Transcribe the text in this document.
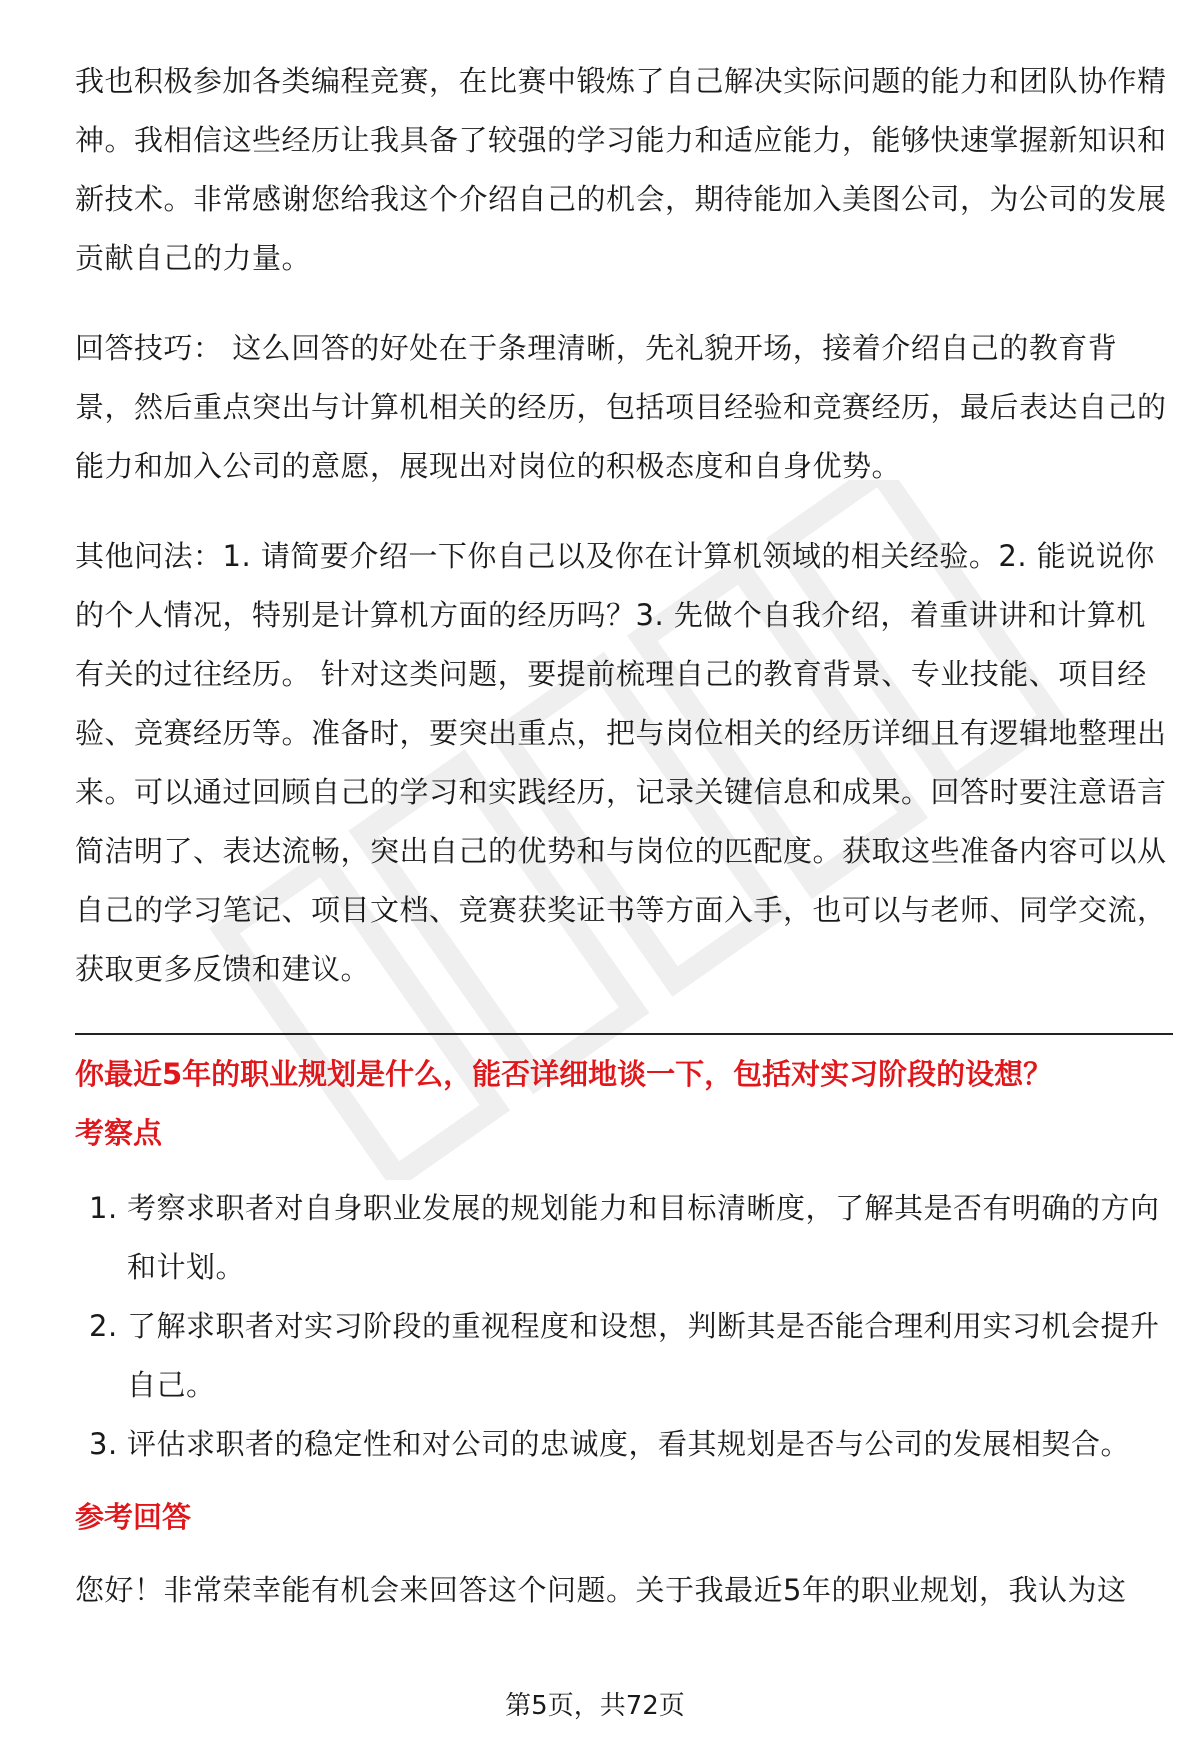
我也积极参加各类编程竞赛，在比赛中锻炼了自己解决实际问题的能力和团队协作精神。我相信这些经历让我具备了较强的学习能力和适应能力，能够快速掌握新知识和新技术。非常感谢您给我这个介绍自己的机会，期待能加入美图公司，为公司的发展贡献自己的力量。

回答技巧： 这么回答的好处在于条理清晰，先礼貌开场，接着介绍自己的教育背景，然后重点突出与计算机相关的经历，包括项目经验和竞赛经历，最后表达自己的能力和加入公司的意愿，展现出对岗位的积极态度和自身优势。

其他问法：1. 请简要介绍一下你自己以及你在计算机领域的相关经验。2. 能说说你的个人情况，特别是计算机方面的经历吗？3. 先做个自我介绍，着重讲讲和计算机有关的过往经历。 针对这类问题，要提前梳理自己的教育背景、专业技能、项目经验、竞赛经历等。准备时，要突出重点，把与岗位相关的经历详细且有逻辑地整理出来。可以通过回顾自己的学习和实践经历，记录关键信息和成果。回答时要注意语言简洁明了、表达流畅，突出自己的优势和与岗位的匹配度。获取这些准备内容可以从自己的学习笔记、项目文档、竞赛获奖证书等方面入手，也可以与老师、同学交流，获取更多反馈和建议。

你最近5年的职业规划是什么，能否详细地谈一下，包括对实习阶段的设想？

考察点

1. 考察求职者对自身职业发展的规划能力和目标清晰度，了解其是否有明确的方向和计划。
2. 了解求职者对实习阶段的重视程度和设想，判断其是否能合理利用实习机会提升自己。
3. 评估求职者的稳定性和对公司的忠诚度，看其规划是否与公司的发展相契合。

参考回答

您好！非常荣幸能有机会来回答这个问题。关于我最近5年的职业规划，我认为这

第5页，共72页
